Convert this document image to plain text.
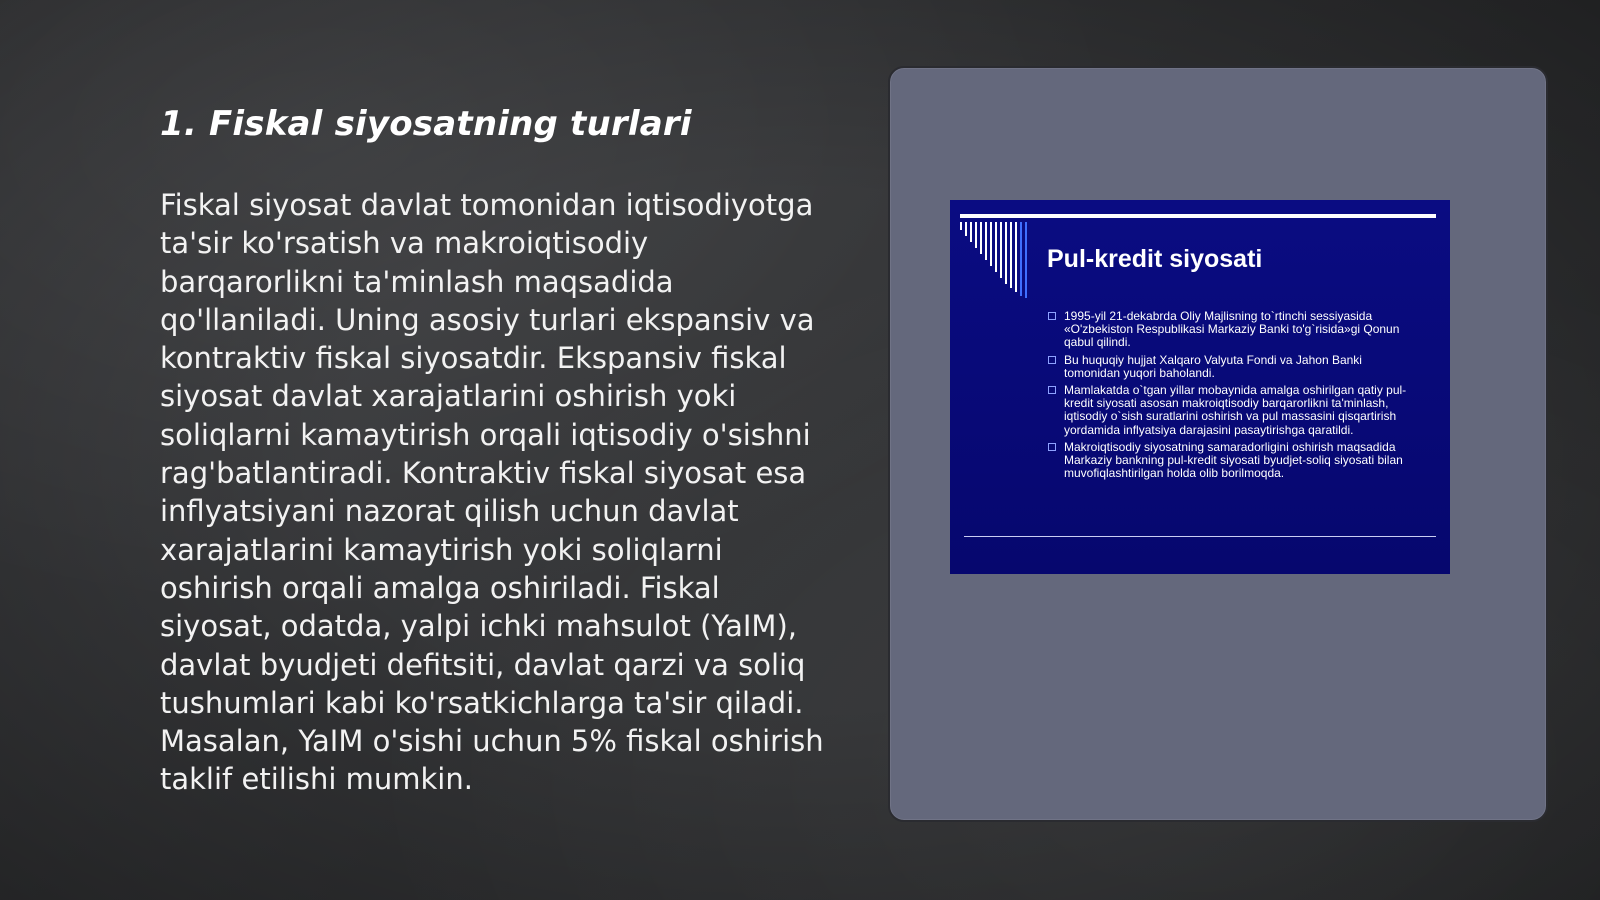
1. Fiskal siyosatning turlari

Fiskal siyosat davlat tomonidan iqtisodiyotga ta'sir ko'rsatish va makroiqtisodiy barqarorlikni ta'minlash maqsadida qo'llaniladi. Uning asosiy turlari ekspansiv va kontraktiv fiskal siyosatdir. Ekspansiv fiskal siyosat davlat xarajatlarini oshirish yoki soliqlarni kamaytirish orqali iqtisodiy o'sishni rag'batlantiradi. Kontraktiv fiskal siyosat esa inflyatsiyani nazorat qilish uchun davlat xarajatlarini kamaytirish yoki soliqlarni oshirish orqali amalga oshiriladi. Fiskal siyosat, odatda, yalpi ichki mahsulot (YaIM), davlat byudjeti defitsiti, davlat qarzi va soliq tushumlari kabi ko'rsatkichlarga ta'sir qiladi. Masalan, YaIM o'sishi uchun 5% fiskal oshirish taklif etilishi mumkin.

Pul-kredit siyosati
1995-yil 21-dekabrda Oliy Majlisning to`rtinchi sessiyasida «O'zbekiston Respublikasi Markaziy Banki to'g`risida»gi Qonun qabul qilindi.
Bu huquqiy hujjat Xalqaro Valyuta Fondi va Jahon Banki tomonidan yuqori baholandi.
Mamlakatda o`tgan yillar mobaynida amalga oshirilgan qatiy pul-kredit siyosati asosan makroiqtisodiy barqarorlikni ta'minlash, iqtisodiy o`sish suratlarini oshirish va pul massasini qisqartirish yordamida inflyatsiya darajasini pasaytirishga qaratildi.
Makroiqtisodiy siyosatning samaradorligini oshirish maqsadida Markaziy bankning pul-kredit siyosati byudjet-soliq siyosati bilan muvofiqlashtirilgan holda olib borilmoqda.
